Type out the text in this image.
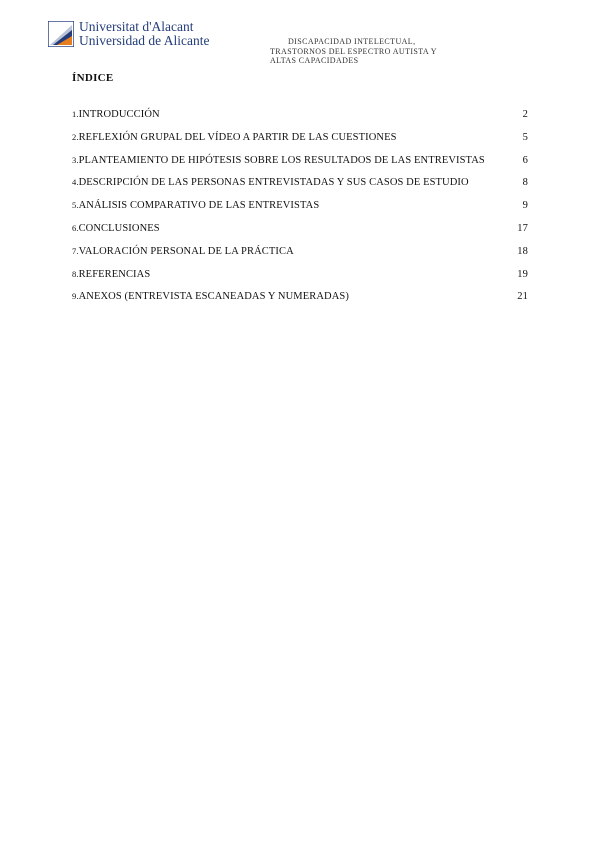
Universitat d'Alacant
Universidad de Alicante	DISCAPACIDAD INTELECTUAL,
TRASTORNOS DEL ESPECTRO AUTISTA Y
ALTAS CAPACIDADES
ÍNDICE
1.INTRODUCCIÓN	2
2.REFLEXIÓN GRUPAL DEL VÍDEO A PARTIR DE LAS CUESTIONES	5
3.PLANTEAMIENTO DE HIPÓTESIS SOBRE LOS RESULTADOS DE LAS ENTREVISTAS	6
4.DESCRIPCIÓN DE LAS PERSONAS ENTREVISTADAS Y SUS CASOS DE ESTUDIO	8
5.ANÁLISIS COMPARATIVO DE LAS ENTREVISTAS	9
6.CONCLUSIONES	17
7.VALORACIÓN PERSONAL DE LA PRÁCTICA	18
8.REFERENCIAS	19
9.ANEXOS (ENTREVISTA ESCANEADAS Y NUMERADAS)	21
